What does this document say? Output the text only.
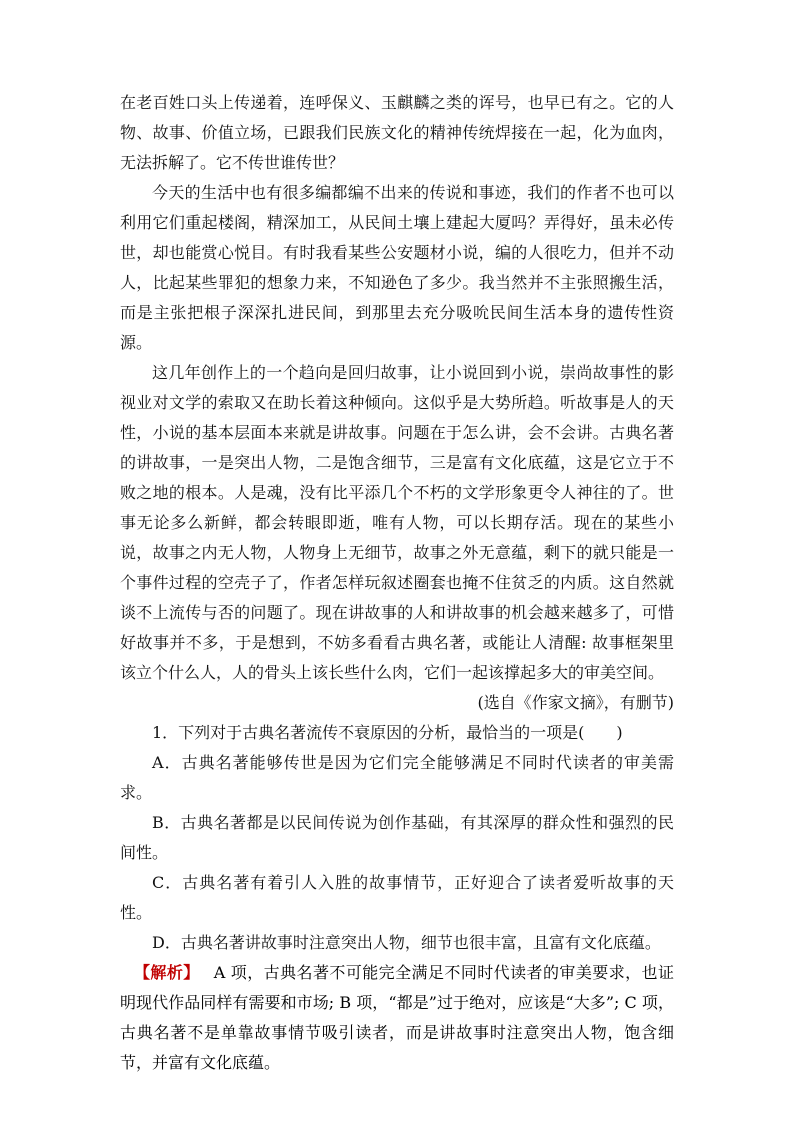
在老百姓口头上传递着，连呼保义、玉麒麟之类的诨号，也早已有之。它的人物、故事、价值立场，已跟我们民族文化的精神传统焊接在一起，化为血肉，无法拆解了。它不传世谁传世？

今天的生活中也有很多编都编不出来的传说和事迹，我们的作者不也可以利用它们重起楼阁，精深加工，从民间土壤上建起大厦吗？弄得好，虽未必传世，却也能赏心悦目。有时我看某些公安题材小说，编的人很吃力，但并不动人，比起某些罪犯的想象力来，不知逊色了多少。我当然并不主张照搬生活，而是主张把根子深深扎进民间，到那里去充分吸吮民间生活本身的遗传性资源。

这几年创作上的一个趋向是回归故事，让小说回到小说，崇尚故事性的影视业对文学的索取又在助长着这种倾向。这似乎是大势所趋。听故事是人的天性，小说的基本层面本来就是讲故事。问题在于怎么讲，会不会讲。古典名著的讲故事，一是突出人物，二是饱含细节，三是富有文化底蕴，这是它立于不败之地的根本。人是魂，没有比平添几个不朽的文学形象更令人神往的了。世事无论多么新鲜，都会转眼即逝，唯有人物，可以长期存活。现在的某些小说，故事之内无人物，人物身上无细节，故事之外无意蕴，剩下的就只能是一个事件过程的空壳子了，作者怎样玩叙述圈套也掩不住贫乏的内质。这自然就谈不上流传与否的问题了。现在讲故事的人和讲故事的机会越来越多了，可惜好故事并不多，于是想到，不妨多看看古典名著，或能让人清醒: 故事框架里该立个什么人，人的骨头上该长些什么肉，它们一起该撑起多大的审美空间。

(选自《作家文摘》，有删节)

1．下列对于古典名著流传不衰原因的分析，最恰当的一项是(　　)

A．古典名著能够传世是因为它们完全能够满足不同时代读者的审美需求。

B．古典名著都是以民间传说为创作基础，有其深厚的群众性和强烈的民间性。

C．古典名著有着引人入胜的故事情节，正好迎合了读者爱听故事的天性。

D．古典名著讲故事时注意突出人物，细节也很丰富，且富有文化底蕴。

【解析】 A 项，古典名著不可能完全满足不同时代读者的审美要求，也证明现代作品同样有需要和市场; B 项，“都是”过于绝对，应该是“大多”; C 项，古典名著不是单靠故事情节吸引读者，而是讲故事时注意突出人物，饱含细节，并富有文化底蕴。
